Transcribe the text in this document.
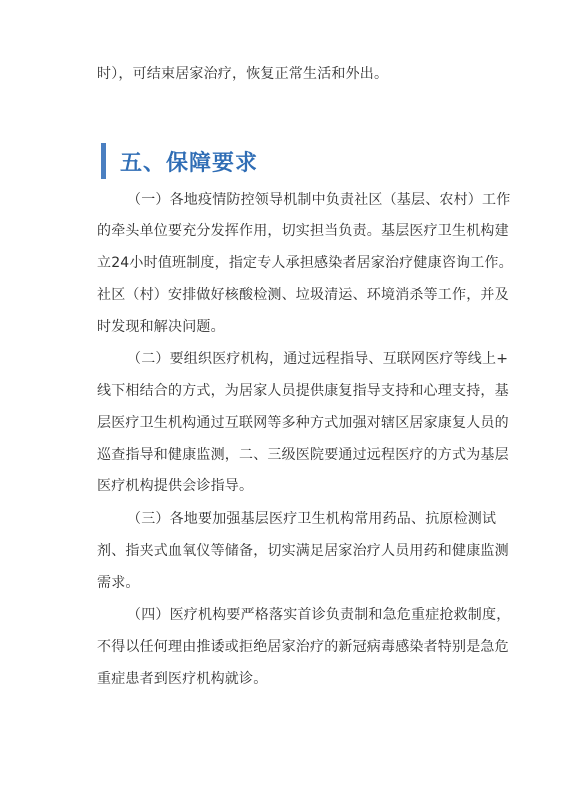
时），可结束居家治疗，恢复正常生活和外出。
五、保障要求
（一）各地疫情防控领导机制中负责社区（基层、农村）工作
的牵头单位要充分发挥作用，切实担当负责。基层医疗卫生机构建
立24小时值班制度，指定专人承担感染者居家治疗健康咨询工作。
社区（村）安排做好核酸检测、垃圾清运、环境消杀等工作，并及
时发现和解决问题。
（二）要组织医疗机构，通过远程指导、互联网医疗等线上+
线下相结合的方式，为居家人员提供康复指导支持和心理支持，基
层医疗卫生机构通过互联网等多种方式加强对辖区居家康复人员的
巡查指导和健康监测，二、三级医院要通过远程医疗的方式为基层
医疗机构提供会诊指导。
（三）各地要加强基层医疗卫生机构常用药品、抗原检测试
剂、指夹式血氧仪等储备，切实满足居家治疗人员用药和健康监测
需求。
（四）医疗机构要严格落实首诊负责制和急危重症抢救制度，
不得以任何理由推诿或拒绝居家治疗的新冠病毒感染者特别是急危
重症患者到医疗机构就诊。
